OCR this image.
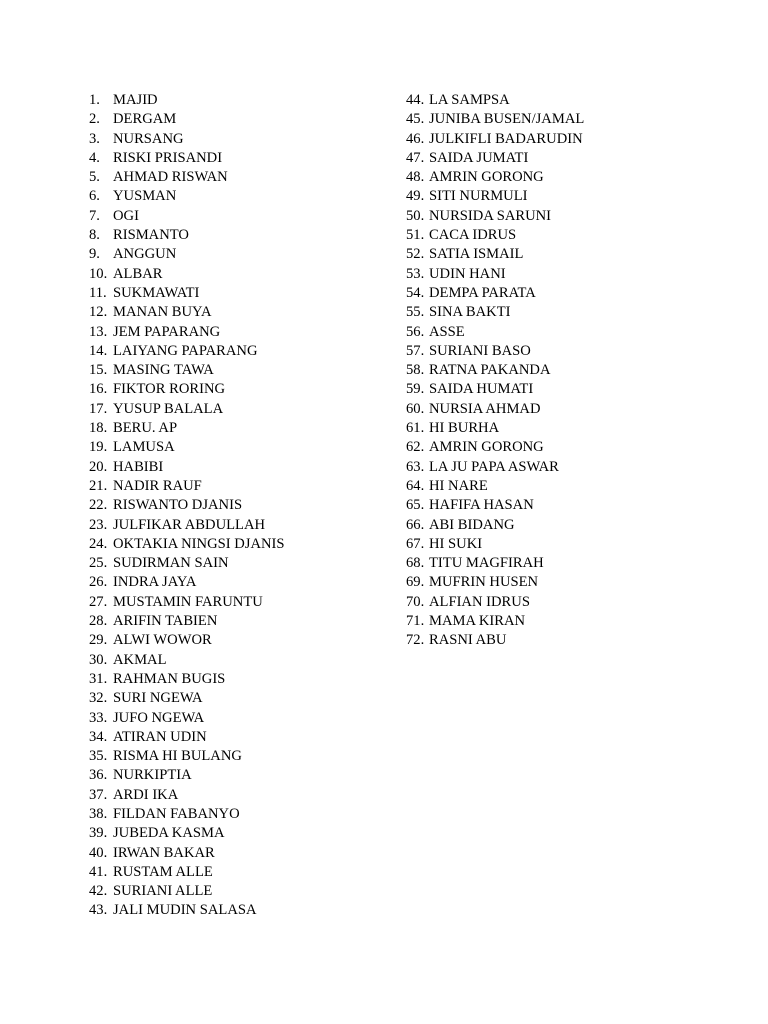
1. MAJID
2. DERGAM
3. NURSANG
4. RISKI PRISANDI
5. AHMAD RISWAN
6. YUSMAN
7. OGI
8. RISMANTO
9. ANGGUN
10. ALBAR
11. SUKMAWATI
12. MANAN BUYA
13. JEM PAPARANG
14. LAIYANG PAPARANG
15. MASING TAWA
16. FIKTOR RORING
17. YUSUP BALALA
18. BERU. AP
19. LAMUSA
20. HABIBI
21. NADIR RAUF
22. RISWANTO DJANIS
23. JULFIKAR ABDULLAH
24. OKTAKIA NINGSI DJANIS
25. SUDIRMAN SAIN
26. INDRA JAYA
27. MUSTAMIN FARUNTU
28. ARIFIN TABIEN
29. ALWI WOWOR
30. AKMAL
31. RAHMAN BUGIS
32. SURI NGEWA
33. JUFO NGEWA
34. ATIRAN UDIN
35. RISMA HI BULANG
36. NURKIPTIA
37. ARDI IKA
38. FILDAN FABANYO
39. JUBEDA KASMA
40. IRWAN BAKAR
41. RUSTAM ALLE
42. SURIANI ALLE
43. JALI MUDIN SALASA
44. LA SAMPSA
45. JUNIBA BUSEN/JAMAL
46. JULKIFLI BADARUDIN
47. SAIDA JUMATI
48. AMRIN GORONG
49. SITI NURMULI
50. NURSIDA SARUNI
51. CACA IDRUS
52. SATIA ISMAIL
53. UDIN HANI
54. DEMPA PARATA
55. SINA BAKTI
56. ASSE
57. SURIANI BASO
58. RATNA PAKANDA
59. SAIDA HUMATI
60. NURSIA AHMAD
61. HI BURHA
62. AMRIN GORONG
63. LA JU PAPA ASWAR
64. HI NARE
65. HAFIFA HASAN
66. ABI BIDANG
67. HI SUKI
68. TITU MAGFIRAH
69. MUFRIN HUSEN
70. ALFIAN IDRUS
71. MAMA KIRAN
72. RASNI ABU
